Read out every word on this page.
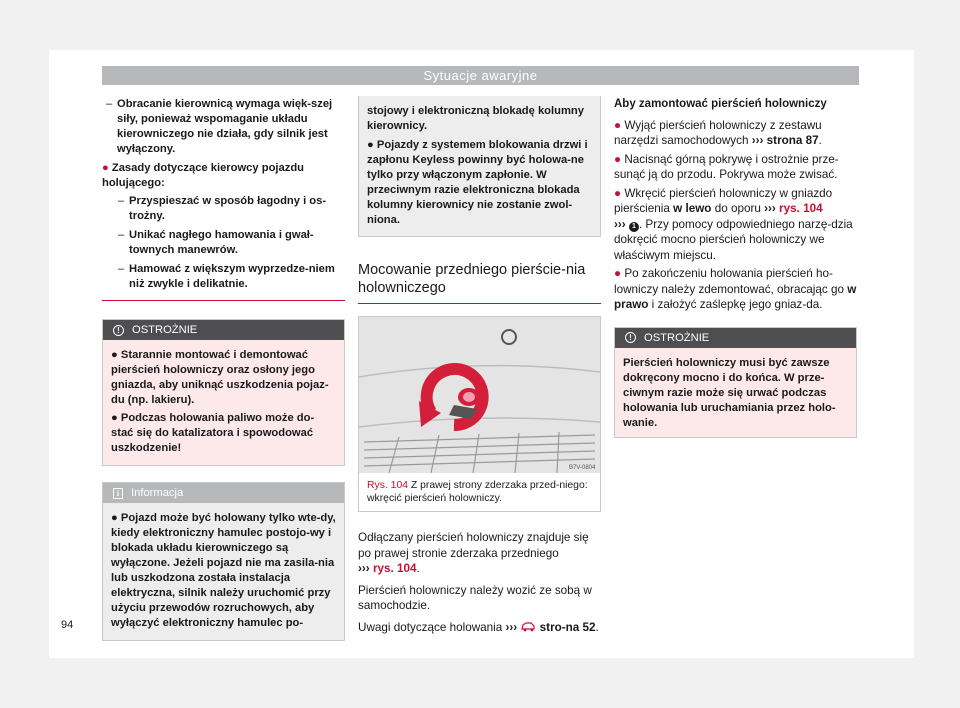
Sytuacje awaryjne
– Obracanie kierownicą wymaga więk-szej siły, ponieważ wspomaganie układu kierowniczego nie działa, gdy silnik jest wyłączony.
● Zasady dotyczące kierowcy pojazdu holującego:
– Przyspieszać w sposób łagodny i os-trożny.
– Unikać nagłego hamowania i gwał-townych manewrów.
– Hamować z większym wyprzedze-niem niż zwykle i delikatnie.
!	OSTROŻNIE

● Starannie montować i demontować pierścień holowniczy oraz osłony jego gniazda, aby uniknąć uszkodzenia pojaz-du (np. lakieru).

● Podczas holowania paliwo może do-stać się do katalizatora i spowodować uszkodzenie!

i	Informacja

● Pojazd może być holowany tylko wte-dy, kiedy elektroniczny hamulec postojo-wy i blokada układu kierowniczego są wyłączone. Jeżeli pojazd nie ma zasila-nia lub uszkodzona została instalacja elektryczna, silnik należy uruchomić przy użyciu przewodów rozruchowych, aby wyłączyć elektroniczny hamulec po-

stojowy i elektroniczną blokadę kolumny kierownicy.

● Pojazdy z systemem blokowania drzwi i zapłonu Keyless powinny być holowa-ne tylko przy włączonym zapłonie. W przeciwnym razie elektroniczna blokada kolumny kierownicy nie zostanie zwol-niona.

Mocowanie przedniego pierście-nia holowniczego
B7V-0804
Rys. 104 Z prawej strony zderzaka przed-niego: wkręcić pierścień holowniczy.

Odłączany pierścień holowniczy znajduje się po prawej stronie zderzaka przedniego
››› rys. 104.

Pierścień holowniczy należy wozić ze sobą w samochodzie.

Uwagi dotyczące holowania ››› stro-na 52.

Aby zamontować pierścień holowniczy

● Wyjąć pierścień holowniczy z zestawu narzędzi samochodowych ››› strona 87.

● Nacisnąć górną pokrywę i ostrożnie prze-sunąć ją do przodu. Pokrywa może zwisać.

● Wkręcić pierścień holowniczy w gniazdo pierścienia w lewo do oporu ››› rys. 104
››› 1 . Przy pomocy odpowiedniego narzę-dzia dokręcić mocno pierścień holowniczy we właściwym miejscu.

● Po zakończeniu holowania pierścień ho-lowniczy należy zdemontować, obracając go w prawo i założyć zaślepkę jego gniaz-da.

!	OSTROŻNIE
Pierścień holowniczy musi być zawsze dokręcony mocno i do końca. W prze-ciwnym razie może się urwać podczas holowania lub uruchamiania przez holo-wanie.
94
